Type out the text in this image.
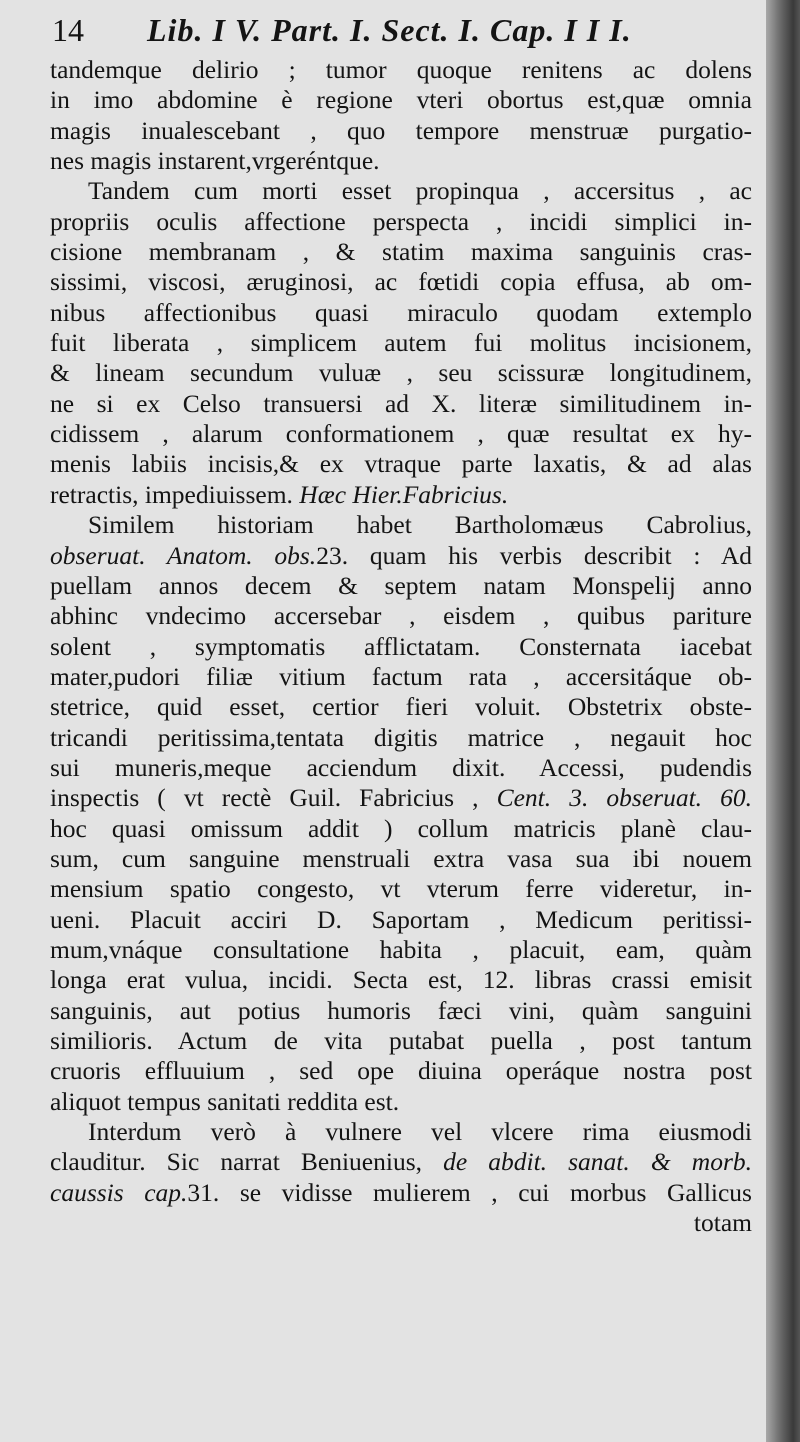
14 Lib. I V. Part. I. Sect. I. Cap. I I I.
tandemque delirio ; tumor quoque renitens ac dolens
in imo abdomine è regione vteri obortus est,quæ omnia
magis inualescebant , quo tempore menstruæ purgatio-
nes magis instarent,vrgeréntque.
Tandem cum morti esset propinqua , accersitus , ac
propriis oculis affectione perspecta , incidi simplici in-
cisione membranam , & statim maxima sanguinis cras-
sissimi, viscosi, æruginosi, ac fœtidi copia effusa, ab om-
nibus affectionibus quasi miraculo quodam extemplo
fuit liberata , simplicem autem fui molitus incisionem,
& lineam secundum vuluæ , seu scissuræ longitudinem,
ne si ex Celso transuersi ad X. literæ similitudinem in-
cidissem , alarum conformationem , quæ resultat ex hy-
menis labiis incisis,& ex vtraque parte laxatis, & ad alas
retractis, impediuissem. Hæc Hier.Fabricius.
Similem historiam habet Bartholomæus Cabrolius,
obseruat. Anatom. obs.23. quam his verbis describit : Ad
puellam annos decem & septem natam Monspelij anno
abhinc vndecimo accersebar , eisdem , quibus pariture
solent , symptomatis afflictatam. Consternata iacebat
mater,pudori filiæ vitium factum rata , accersitáque ob-
stetrice, quid esset, certior fieri voluit. Obstetrix obste-
tricandi peritissima,tentata digitis matrice , negauit hoc
sui muneris,meque acciendum dixit. Accessi, pudendis
inspectis ( vt rectè Guil. Fabricius , Cent. 3. obseruat. 60.
hoc quasi omissum addit ) collum matricis planè clau-
sum, cum sanguine menstruali extra vasa sua ibi nouem
mensium spatio congesto, vt vterum ferre videretur, in-
ueni. Placuit acciri D. Saportam , Medicum peritissi-
mum,vnáque consultatione habita , placuit, eam, quàm
longa erat vulua, incidi. Secta est, 12. libras crassi emisit
sanguinis, aut potius humoris fæci vini, quàm sanguini
similioris. Actum de vita putabat puella , post tantum
cruoris effluuium , sed ope diuina operáque nostra post
aliquot tempus sanitati reddita est.
Interdum verò à vulnere vel vlcere rima eiusmodi
clauditur. Sic narrat Beniuenius, de abdit. sanat. & morb.
caussis cap.31. se vidisse mulierem , cui morbus Gallicus
totam
